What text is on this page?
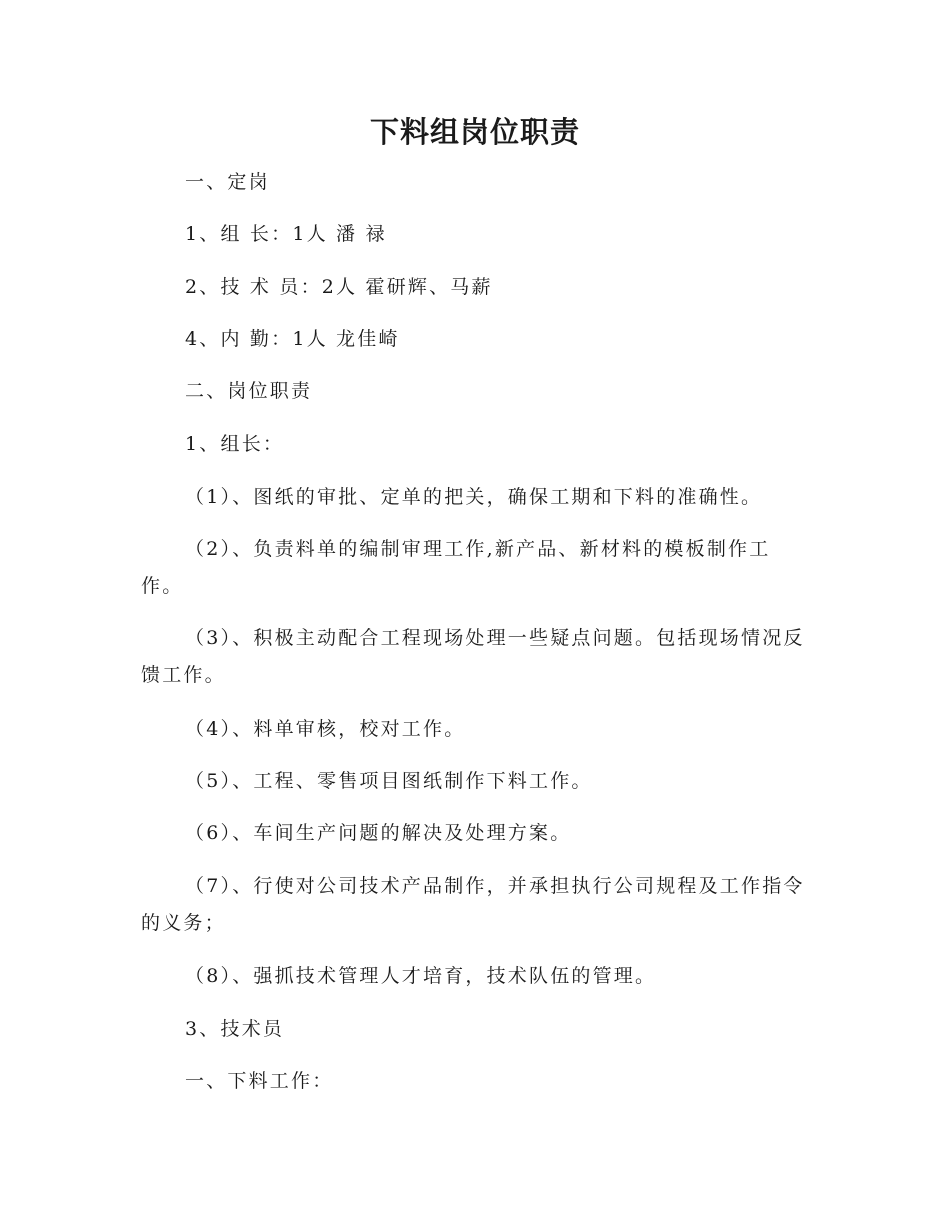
下料组岗位职责

一、定岗

1、组 长：1人 潘 禄

2、技 术 员：2人 霍研辉、马薪

4、内 勤：1人 龙佳崎

二、岗位职责

1、组长：

（1）、图纸的审批、定单的把关，确保工期和下料的准确性。

（2）、负责料单的编制审理工作,新产品、新材料的模板制作工作。

（3）、积极主动配合工程现场处理一些疑点问题。包括现场情况反馈工作。

（4）、料单审核，校对工作。

（5）、工程、零售项目图纸制作下料工作。

（6）、车间生产问题的解决及处理方案。

（7）、行使对公司技术产品制作，并承担执行公司规程及工作指令的义务；

（8）、强抓技术管理人才培育，技术队伍的管理。

3、技术员

一、下料工作：
